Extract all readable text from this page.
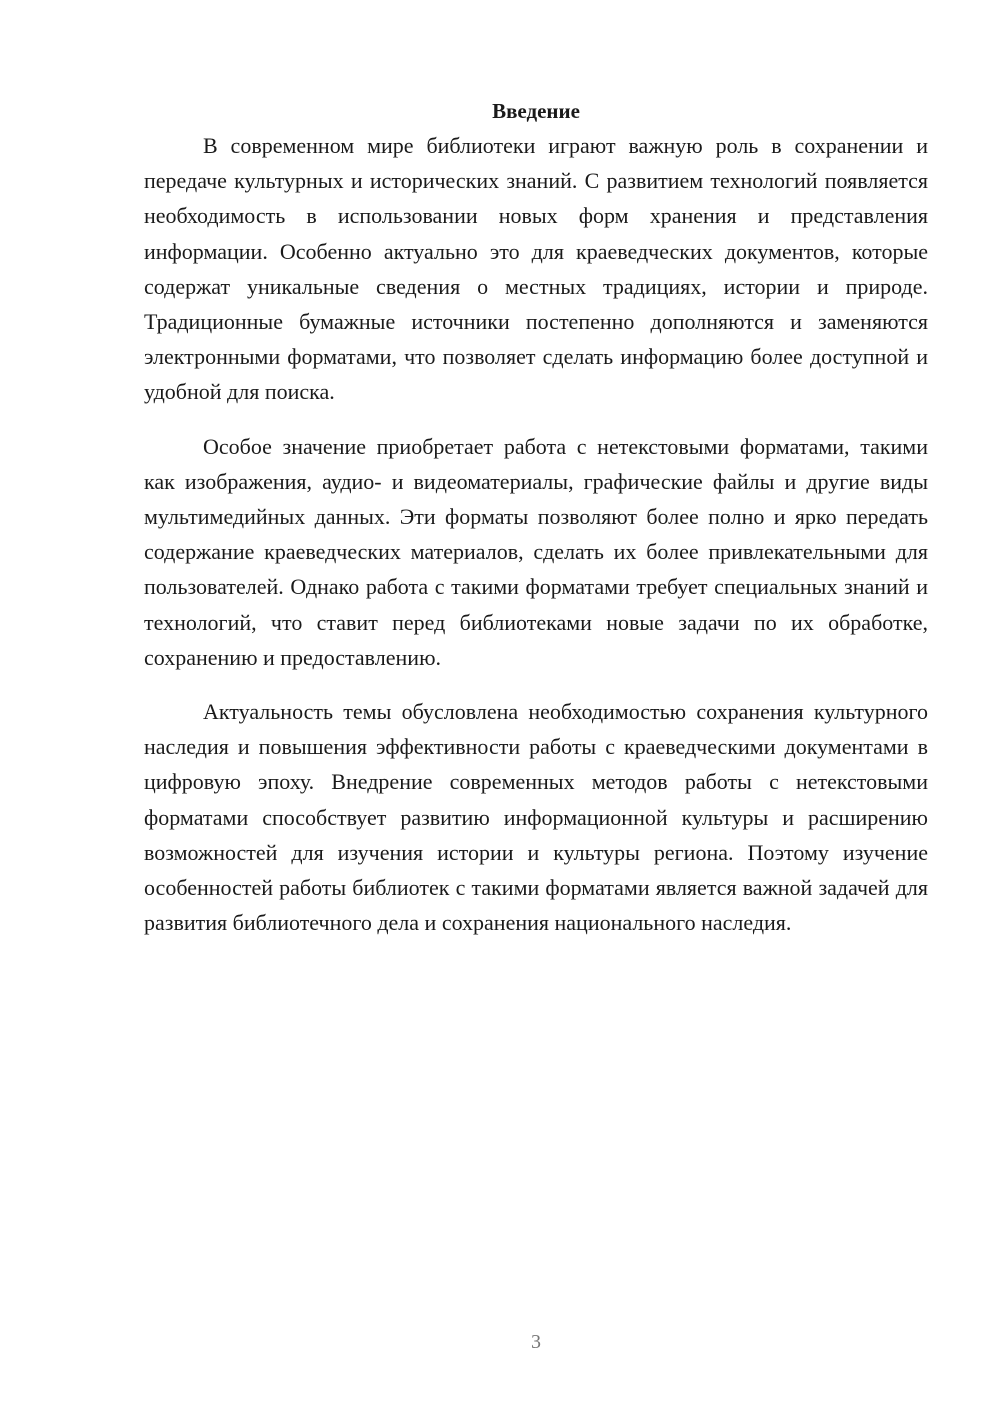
Введение

В современном мире библиотеки играют важную роль в сохранении и передаче культурных и исторических знаний. С развитием технологий появляется необходимость в использовании новых форм хранения и представления информации. Особенно актуально это для краеведческих документов, которые содержат уникальные сведения о местных традициях, истории и природе. Традиционные бумажные источники постепенно дополняются и заменяются электронными форматами, что позволяет сделать информацию более доступной и удобной для поиска.

Особое значение приобретает работа с нетекстовыми форматами, такими как изображения, аудио- и видеоматериалы, графические файлы и другие виды мультимедийных данных. Эти форматы позволяют более полно и ярко передать содержание краеведческих материалов, сделать их более привлекательными для пользователей. Однако работа с такими форматами требует специальных знаний и технологий, что ставит перед библиотеками новые задачи по их обработке, сохранению и предоставлению.

Актуальность темы обусловлена необходимостью сохранения культурного наследия и повышения эффективности работы с краеведческими документами в цифровую эпоху. Внедрение современных методов работы с нетекстовыми форматами способствует развитию информационной культуры и расширению возможностей для изучения истории и культуры региона. Поэтому изучение особенностей работы библиотек с такими форматами является важной задачей для развития библиотечного дела и сохранения национального наследия.

3
